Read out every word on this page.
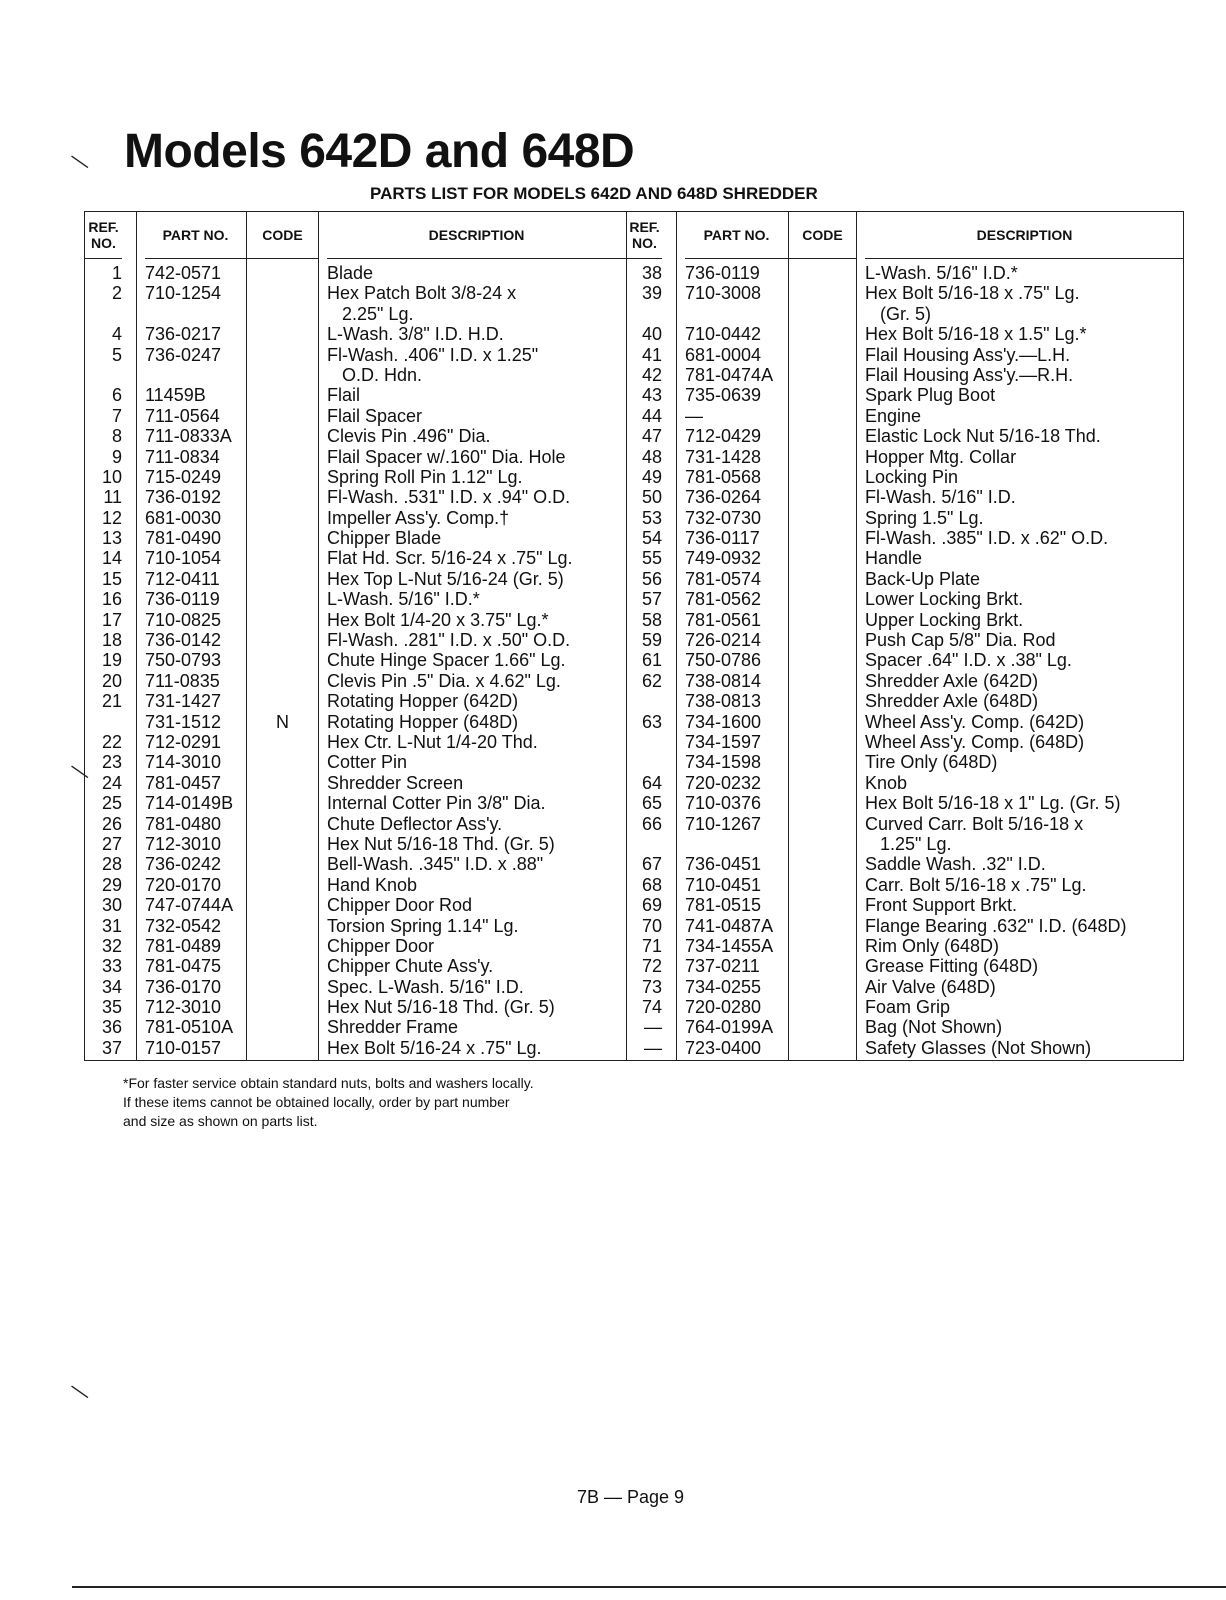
—
—
—
Models 642D and 648D
PARTS LIST FOR MODELS 642D AND 648D SHREDDER
REF. NO.
1
2
4
5
6
7
8
9
10
11
12
13
14
15
16
17
18
19
20
21
22
23
24
25
26
27
28
29
30
31
32
33
34
35
36
37
PART NO.
742-0571
710-1254
736-0217
736-0247
11459B
711-0564
711-0833A
711-0834
715-0249
736-0192
681-0030
781-0490
710-1054
712-0411
736-0119
710-0825
736-0142
750-0793
711-0835
731-1427
731-1512
712-0291
714-3010
781-0457
714-0149B
781-0480
712-3010
736-0242
720-0170
747-0744A
732-0542
781-0489
781-0475
736-0170
712-3010
781-0510A
710-0157
CODE
N
DESCRIPTION
Blade
Hex Patch Bolt 3/8-24 x
2.25" Lg.
L-Wash. 3/8" I.D. H.D.
Fl-Wash. .406" I.D. x 1.25"
O.D. Hdn.
Flail
Flail Spacer
Clevis Pin .496" Dia.
Flail Spacer w/.160" Dia. Hole
Spring Roll Pin 1.12" Lg.
Fl-Wash. .531" I.D. x .94" O.D.
Impeller Ass'y. Comp.†
Chipper Blade
Flat Hd. Scr. 5/16-24 x .75" Lg.
Hex Top L-Nut 5/16-24 (Gr. 5)
L-Wash. 5/16" I.D.*
Hex Bolt 1/4-20 x 3.75" Lg.*
Fl-Wash. .281" I.D. x .50" O.D.
Chute Hinge Spacer 1.66" Lg.
Clevis Pin .5" Dia. x 4.62" Lg.
Rotating Hopper (642D)
Rotating Hopper (648D)
Hex Ctr. L-Nut 1/4-20 Thd.
Cotter Pin
Shredder Screen
Internal Cotter Pin 3/8" Dia.
Chute Deflector Ass'y.
Hex Nut 5/16-18 Thd. (Gr. 5)
Bell-Wash. .345" I.D. x .88"
Hand Knob
Chipper Door Rod
Torsion Spring 1.14" Lg.
Chipper Door
Chipper Chute Ass'y.
Spec. L-Wash. 5/16" I.D.
Hex Nut 5/16-18 Thd. (Gr. 5)
Shredder Frame
Hex Bolt 5/16-24 x .75" Lg.
REF. NO.
38
39
40
41
42
43
44
47
48
49
50
53
54
55
56
57
58
59
61
62
63
64
65
66
67
68
69
70
71
72
73
74
—
—
PART NO.
736-0119
710-3008
710-0442
681-0004
781-0474A
735-0639
—
712-0429
731-1428
781-0568
736-0264
732-0730
736-0117
749-0932
781-0574
781-0562
781-0561
726-0214
750-0786
738-0814
738-0813
734-1600
734-1597
734-1598
720-0232
710-0376
710-1267
736-0451
710-0451
781-0515
741-0487A
734-1455A
737-0211
734-0255
720-0280
764-0199A
723-0400
CODE	DESCRIPTION
L-Wash. 5/16" I.D.*
Hex Bolt 5/16-18 x .75" Lg.
(Gr. 5)
Hex Bolt 5/16-18 x 1.5" Lg.*
Flail Housing Ass'y.—L.H.
Flail Housing Ass'y.—R.H.
Spark Plug Boot
Engine
Elastic Lock Nut 5/16-18 Thd.
Hopper Mtg. Collar
Locking Pin
Fl-Wash. 5/16" I.D.
Spring 1.5" Lg.
Fl-Wash. .385" I.D. x .62" O.D.
Handle
Back-Up Plate
Lower Locking Brkt.
Upper Locking Brkt.
Push Cap 5/8" Dia. Rod
Spacer .64" I.D. x .38" Lg.
Shredder Axle (642D)
Shredder Axle (648D)
Wheel Ass'y. Comp. (642D)
Wheel Ass'y. Comp. (648D)
Tire Only (648D)
Knob
Hex Bolt 5/16-18 x 1" Lg. (Gr. 5)
Curved Carr. Bolt 5/16-18 x
1.25" Lg.
Saddle Wash. .32" I.D.
Carr. Bolt 5/16-18 x .75" Lg.
Front Support Brkt.
Flange Bearing .632" I.D. (648D)
Rim Only (648D)
Grease Fitting (648D)
Air Valve (648D)
Foam Grip
Bag (Not Shown)
Safety Glasses (Not Shown)
*For faster service obtain standard nuts, bolts and washers locally.
If these items cannot be obtained locally, order by part number
and size as shown on parts list.
7B — Page 9
